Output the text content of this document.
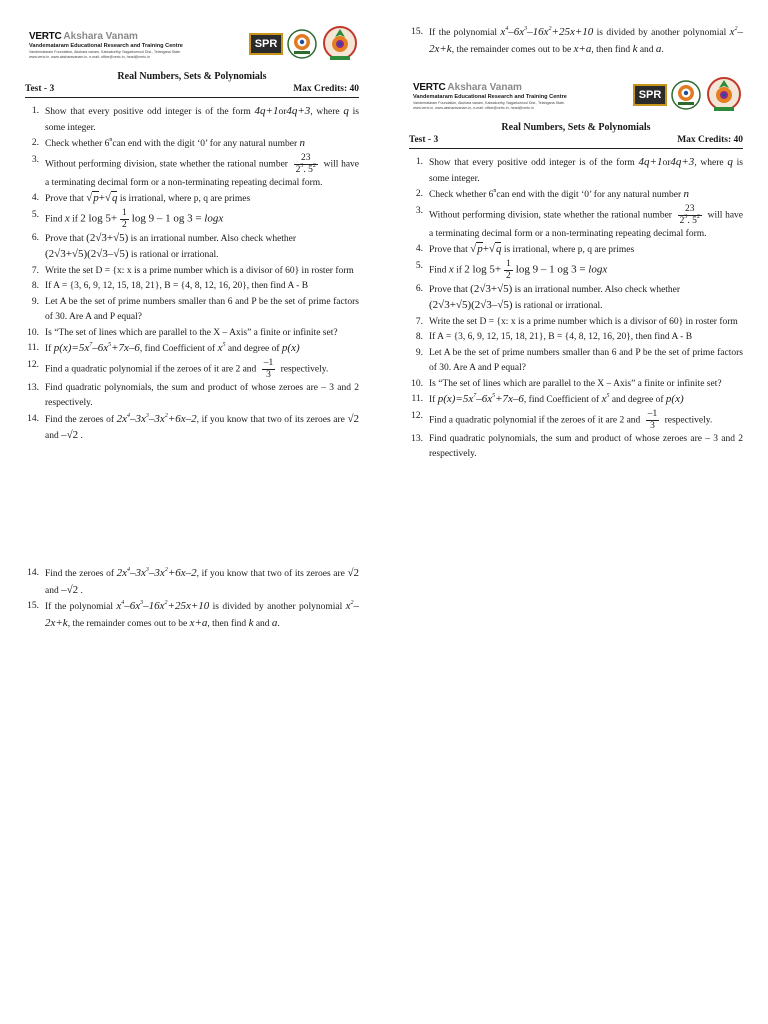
VERTC Akshara Vanam
Vandemataram Educational Research and Training Centre
Vandemataram Foundation, Akshara vanam, Kalwakurthy, Nagarkurnool Dist., Telangana State.
www.vertc.in, www.aksharavanam.in, e-mail: office@vertc.in, head@vertc.in
SPR
Real Numbers, Sets & Polynomials
Test - 3	Max Credits: 40
1. Show that every positive odd integer is of the form 4q+1or4q+3, where q is some integer.
2. Check whether 6$^n$can end with the digit ‘0’ for any natural number n
3. Without performing division, state whether the rational number $\frac{23}{2^3. 5^2}$ will have a terminating decimal form or a non-terminating repeating decimal form.
4. Prove that √p+√q is irrational, where p, q are primes
5. Find x if 2 $\log 5+ \frac{1}{2}$ log 9 – 1 og 3 = logx
6. Prove that (2√3+√5) is an irrational number. Also check whether
(2√3+√5)(2√3–√5) is rational or irrational.
7. Write the set D = {x: x is a prime number which is a divisor of 60} in roster form
8. If A = {3, 6, 9, 12, 15, 18, 21}, B = {4, 8, 12, 16, 20}, then find A - B
9. Let A be the set of prime numbers smaller than 6 and P be the set of prime factors of 30. Are A and P equal?
10. Is “The set of lines which are parallel to the X – Axis” a finite or infinite set?
11. If $p(x)=5x^7-6x^5+7x-6$, find Coefficient of $x^5$ and degree of p(x)
12. Find a quadratic polynomial if the zeroes of it are 2 and $\frac{-1}{3}$ respectively.
13. Find quadratic polynomials, the sum and product of whose zeroes are – 3 and 2 respectively.
14. Find the zeroes of $2x^4-3x^3-3x^2+6x-2$, if you know that two of its zeroes are √2 and –√2 .
14. Find the zeroes of $2x^4-3x^3-3x^2+6x-2$, if you know that two of its zeroes are √2 and –√2 .
15. If the polynomial $x^4-6x^3-16x^2+25x+10$ is divided by another polynomial $x^2-2x+k$, the remainder comes out to be x+a, then find k and a.
15. If the polynomial $x^4-6x^3-16x^2+25x+10$ is divided by another polynomial $x^2-2x+k$, the remainder comes out to be x+a, then find k and a.
VERTC Akshara Vanam
Vandemataram Educational Research and Training Centre
Vandemataram Foundation, Akshara vanam, Kalwakurthy, Nagarkurnool Dist., Telangana State.
www.vertc.in, www.aksharavanam.in, e-mail: office@vertc.in, head@vertc.in
SPR
Real Numbers, Sets & Polynomials
Test - 3	Max Credits: 40
1. Show that every positive odd integer is of the form 4q+1or4q+3, where q is some integer.
2. Check whether 6$^n$can end with the digit ‘0’ for any natural number n
3. Without performing division, state whether the rational number $\frac{23}{2^3. 5^2}$ will have a terminating decimal form or a non-terminating repeating decimal form.
4. Prove that √p+√q is irrational, where p, q are primes
5. Find x if 2 $\log 5+ \frac{1}{2}$ log 9 – 1 og 3 = logx
6. Prove that (2√3+√5) is an irrational number. Also check whether
(2√3+√5)(2√3–√5) is rational or irrational.
7. Write the set D = {x: x is a prime number which is a divisor of 60} in roster form
8. If A = {3, 6, 9, 12, 15, 18, 21}, B = {4, 8, 12, 16, 20}, then find A - B
9. Let A be the set of prime numbers smaller than 6 and P be the set of prime factors of 30. Are A and P equal?
10. Is “The set of lines which are parallel to the X – Axis” a finite or infinite set?
11. If $p(x)=5x^7-6x^5+7x-6$, find Coefficient of $x^5$ and degree of p(x)
12. Find a quadratic polynomial if the zeroes of it are 2 and $\frac{-1}{3}$ respectively.
13. Find quadratic polynomials, the sum and product of whose zeroes are – 3 and 2 respectively.
